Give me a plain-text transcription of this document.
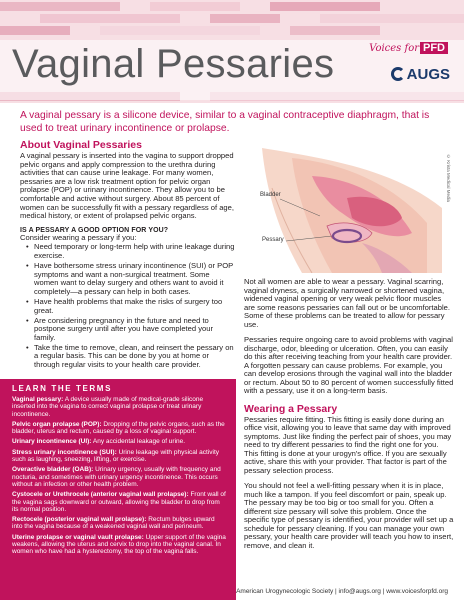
Vaginal Pessaries	Voices for PFD
AUGS

A vaginal pessary is a silicone device, similar to a vaginal contraceptive diaphragm, that is used to treat urinary incontinence or prolapse.

About Vaginal Pessaries

A vaginal pessary is inserted into the vagina to support dropped pelvic organs and apply compression to the urethra during activities that can cause urine leakage. For many women, pessaries are a low risk treatment option for pelvic organ prolapse (POP) or urinary incontinence. They allow you to be comfortable and active without surgery. About 85 percent of women can be successfully fit with a pessary regardless of age, medical history, or extent of prolapsed pelvic organs.

IS A PESSARY A GOOD OPTION FOR YOU?

Consider wearing a pessary if you:

• Need temporary or long-term help with urine leakage during exercise.
• Have bothersome stress urinary incontinence (SUI) or POP symptoms and want a non-surgical treatment. Some women want to delay surgery and others want to avoid it completely—a pessary can help in both cases.
• Have health problems that make the risks of surgery too great.
• Are considering pregnancy in the future and need to postpone surgery until after you have completed your family.
• Take the time to remove, clean, and reinsert the pessary on a regular basis. This can be done by you at home or through regular visits to your health care provider.
LEARN THE TERMS

Vaginal pessary: A device usually made of medical-grade silicone inserted into the vagina to correct vaginal prolapse or treat urinary incontinence.

Pelvic organ prolapse (POP): Dropping of the pelvic organs, such as the bladder, uterus and rectum, caused by a loss of vaginal support.

Urinary incontinence (UI): Any accidental leakage of urine.

Stress urinary incontinence (SUI): Urine leakage with physical activity such as laughing, sneezing, lifting, or exercise.

Overactive bladder (OAB): Urinary urgency, usually with frequency and nocturia, and sometimes with urinary urgency incontinence. This occurs without an infection or other health problem.

Cystocele or Urethrocele (anterior vaginal wall prolapse): Front wall of the vagina sags downward or outward, allowing the bladder to drop from its normal position.

Rectocele (posterior vaginal wall prolapse): Rectum bulges upward into the vagina because of a weakened vaginal wall and perineum.

Uterine prolapse or vaginal vault prolapse: Upper support of the vagina weakens, allowing the uterus and cervix to drop into the vaginal canal. In women who have had a hysterectomy, the top of the vagina falls.

Bladder
Pessary
© Krista Medical Media

Not all women are able to wear a pessary. Vaginal scarring, vaginal dryness, a surgically narrowed or shortened vagina, widened vaginal opening or very weak pelvic floor muscles are some reasons pessaries can fall out or be uncomfortable. Some of these problems can be treated to allow for pessary use.

Pessaries require ongoing care to avoid problems with vaginal discharge, odor, bleeding or ulceration. Often, you can easily do this after receiving teaching from your health care provider. A forgotten pessary can cause problems. For example, you can develop erosions through the vaginal wall into the bladder or rectum. About 50 to 80 percent of women successfully fitted with a pessary, use it on a long-term basis.

Wearing a Pessary

Pessaries require fitting. This fitting is easily done during an office visit, allowing you to leave that same day with improved symptoms. Just like finding the perfect pair of shoes, you may need to try different pessaries to find the right one for you. This fitting is done at your urogyn's office. If you are sexually active, share this with your provider. That factor is part of the pessary selection process.

You should not feel a well-fitting pessary when it is in place, much like a tampon. If you feel discomfort or pain, speak up. The pessary may be too big or too small for you. Often a different size pessary will solve this problem. Once the specific type of pessary is identified, your provider will set up a schedule for pessary cleaning. If you can manage your own pessary, your health care provider will teach you how to insert, remove, and clean it.

American Urogynecologic Society | info@augs.org | www.voicesforpfd.org
